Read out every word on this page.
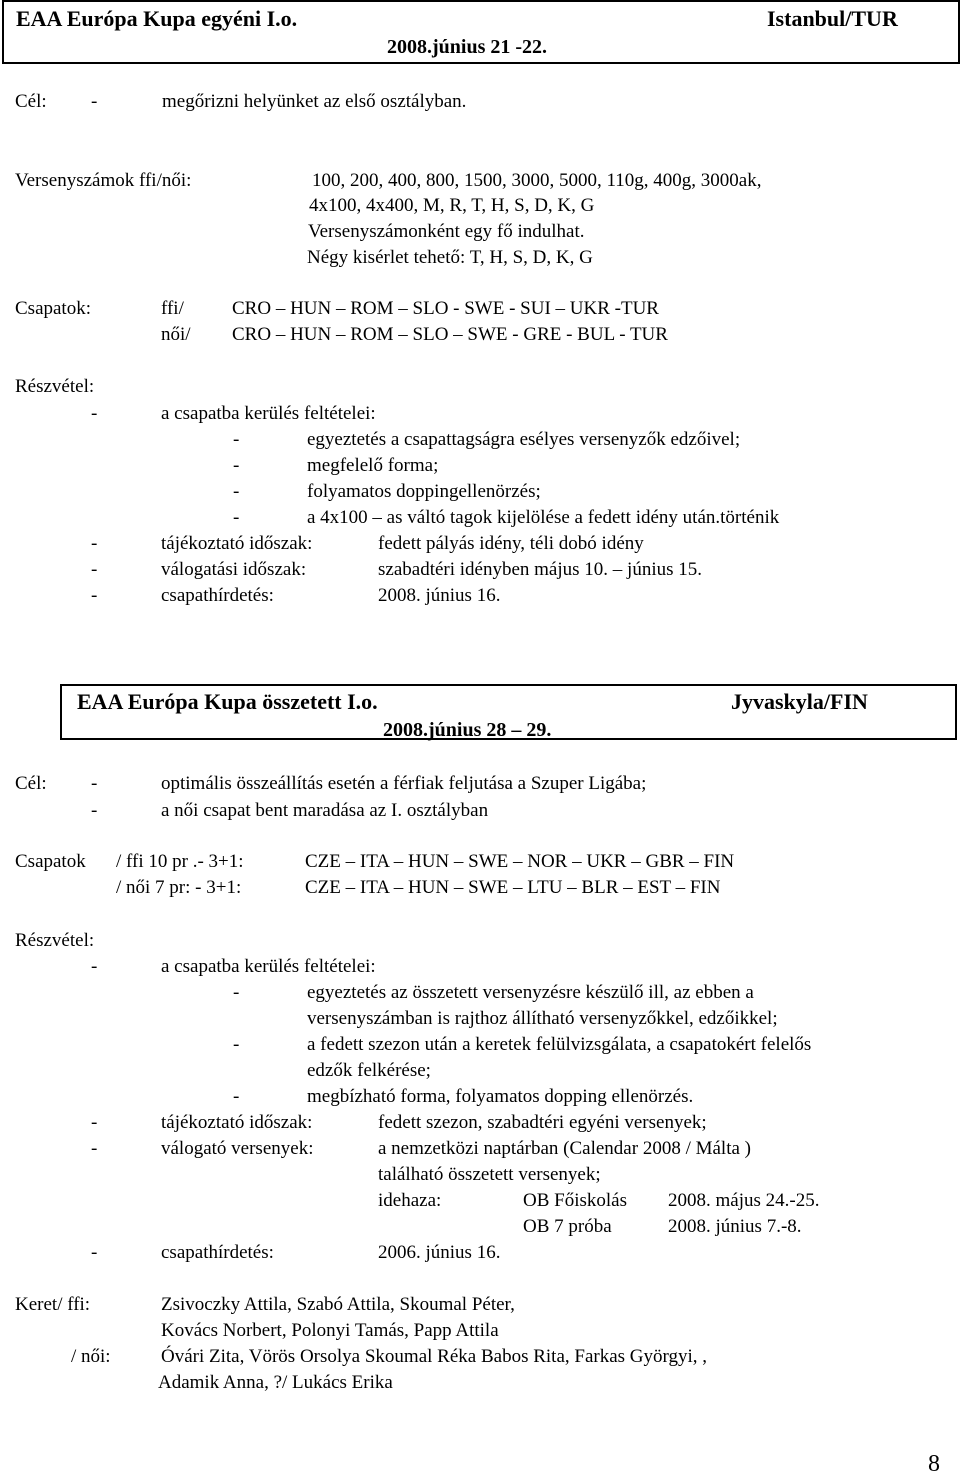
EAA Európa Kupa egyéni I.o.	Istanbul/TUR
2008.június 21 -22.
Cél: -	megőrizni helyünket az első osztályban.
Versenyszámok ffi/női:	100, 200, 400, 800, 1500, 3000, 5000, 110g, 400g, 3000ak,
4x100, 4x400, M, R, T, H, S, D, K, G
Versenyszámonként egy fő indulhat.
Négy kisérlet tehető: T, H, S, D, K, G
Csapatok:	ffi/	CRO – HUN – ROM – SLO - SWE - SUI – UKR -TUR
női/ CRO – HUN – ROM – SLO – SWE - GRE - BUL - TUR
Részvétel:
-	a csapatba kerülés feltételei:
-	egyeztetés a csapattagságra esélyes versenyzők edzőivel;
-	megfelelő forma;
-	folyamatos doppingellenörzés;
-	a 4x100 – as váltó tagok kijelölése a fedett idény után.történik
-	tájékoztató időszak:	fedett pályás idény, téli dobó idény
-	válogatási időszak:	szabadtéri idényben május 10. – június 15.
-	csapathírdetés:	2008. június 16.
EAA Európa Kupa összetett I.o.	Jyvaskyla/FIN
2008.június 28 – 29.
Cél: -	optimális összeállítás esetén a férfiak feljutása a Szuper Ligába;
-	a női csapat bent maradása az I. osztályban
Csapatok / ffi 10 pr .- 3+1:	CZE – ITA – HUN – SWE – NOR – UKR – GBR – FIN
/ női 7 pr: - 3+1:	CZE – ITA – HUN – SWE – LTU – BLR – EST – FIN
Részvétel:
-	a csapatba kerülés feltételei:
-	egyeztetés az összetett versenyzésre készülő ill, az ebben a
versenyszámban is rajthoz állítható versenyzőkkel, edzőikkel;
-	a fedett szezon után a keretek felülvizsgálata, a csapatokért felelős
edzők felkérése;
-	megbízható forma, folyamatos dopping ellenörzés.
-	tájékoztató időszak:	fedett szezon, szabadtéri egyéni versenyek;
-	válogató versenyek:	a nemzetközi naptárban (Calendar 2008 / Málta )
található összetett versenyek;
idehaza:	OB Főiskolás 2008. május 24.-25.
OB 7 próba	2008. június 7.-8.
-	csapathírdetés:	2006. június 16.
Keret/ ffi:	Zsivoczky Attila, Szabó Attila, Skoumal Péter,
Kovács Norbert, Polonyi Tamás, Papp Attila
/ női:	Óvári Zita, Vörös Orsolya Skoumal Réka Babos Rita, Farkas Györgyi, ,
Adamik Anna, ?/ Lukács Erika
8
